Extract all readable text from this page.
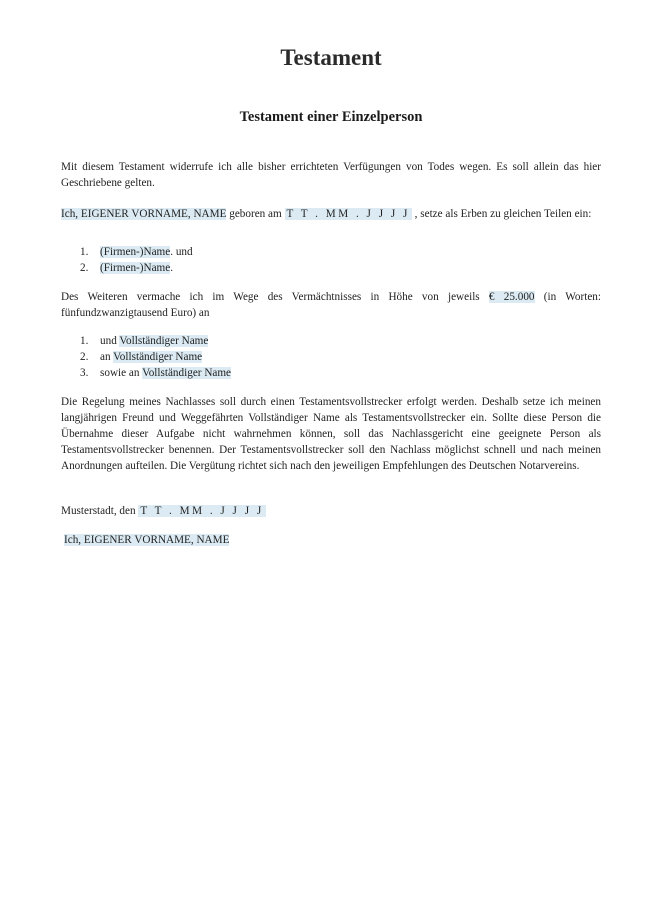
Testament
Testament einer Einzelperson

Mit diesem Testament widerrufe ich alle bisher errichteten Verfügungen von Todes wegen. Es soll allein das hier Geschriebene gelten.

Ich, EIGENER VORNAME, NAME geboren am T T . MM . J J J J , setze als Erben zu gleichen Teilen ein:

1. (Firmen-)Name. und
2. (Firmen-)Name.

Des Weiteren vermache ich im Wege des Vermächtnisses in Höhe von jeweils € 25.000 (in Worten: fünfundzwanzigtausend Euro) an

1. und Vollständiger Name
2. an Vollständiger Name
3. sowie an Vollständiger Name

Die Regelung meines Nachlasses soll durch einen Testamentsvollstrecker erfolgt werden. Deshalb setze ich meinen langjährigen Freund und Weggefährten Vollständiger Name als Testamentsvollstrecker ein. Sollte diese Person die Übernahme dieser Aufgabe nicht wahrnehmen können, soll das Nachlassgericht eine geeignete Person als Testamentsvollstrecker benennen. Der Testamentsvollstrecker soll den Nachlass möglichst schnell und nach meinen Anordnungen aufteilen. Die Vergütung richtet sich nach den jeweiligen Empfehlungen des Deutschen Notarvereins.

Musterstadt, den T T . MM . J J J J

Ich, EIGENER VORNAME, NAME
